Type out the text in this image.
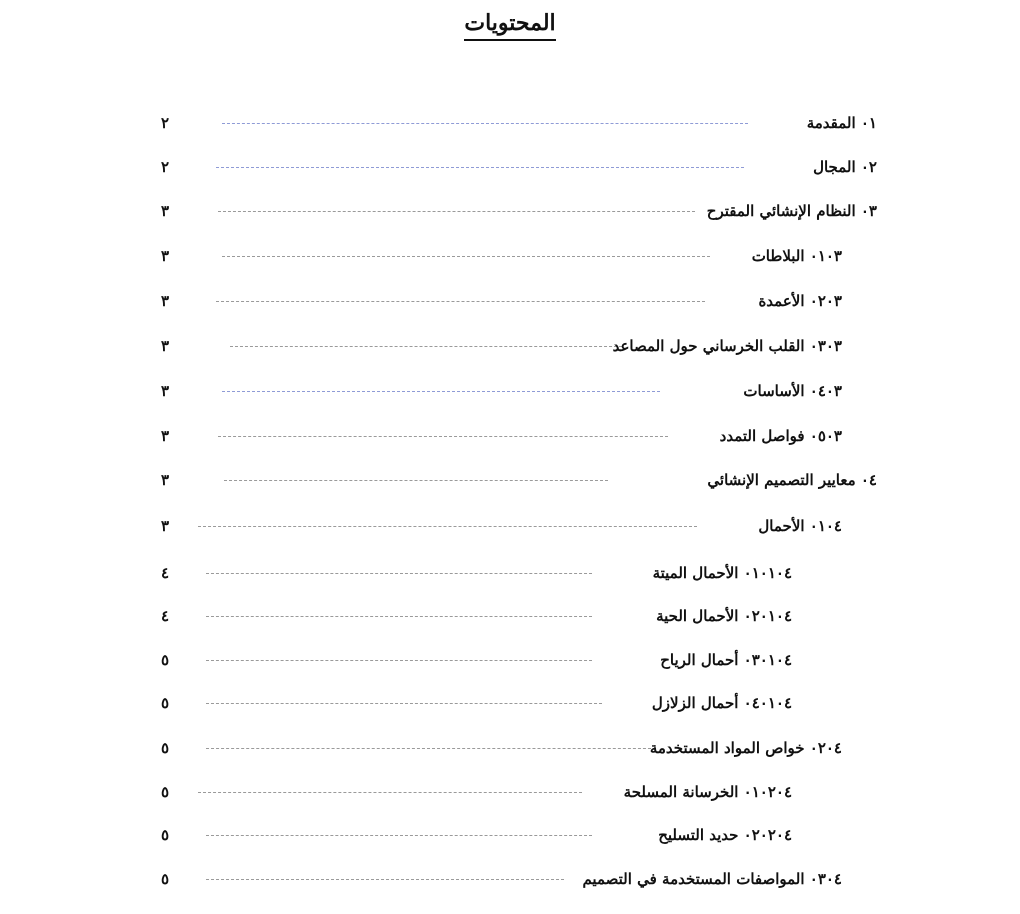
المحتويات
٠١ المقدمة
٢
٠٢ المجال
٢
٠٣ النظام الإنشائي المقترح
٣
٠١٠٣ البلاطات
٣
٠٢٠٣ الأعمدة
٣
٠٣٠٣ القلب الخرساني حول المصاعد
٣
٠٤٠٣ الأساسات
٣
٠٥٠٣ فواصل التمدد
٣
٠٤ معايير التصميم الإنشائي
٣
٠١٠٤ الأحمال
٣
٠١٠١٠٤ الأحمال الميتة
٤
٠٢٠١٠٤ الأحمال الحية
٤
٠٣٠١٠٤ أحمال الرياح
٥
٠٤٠١٠٤ أحمال الزلازل
٥
٠٢٠٤ خواص المواد المستخدمة
٥
٠١٠٢٠٤ الخرسانة المسلحة
٥
٠٢٠٢٠٤ حديد التسليح
٥
٠٣٠٤ المواصفات المستخدمة في التصميم
٥
